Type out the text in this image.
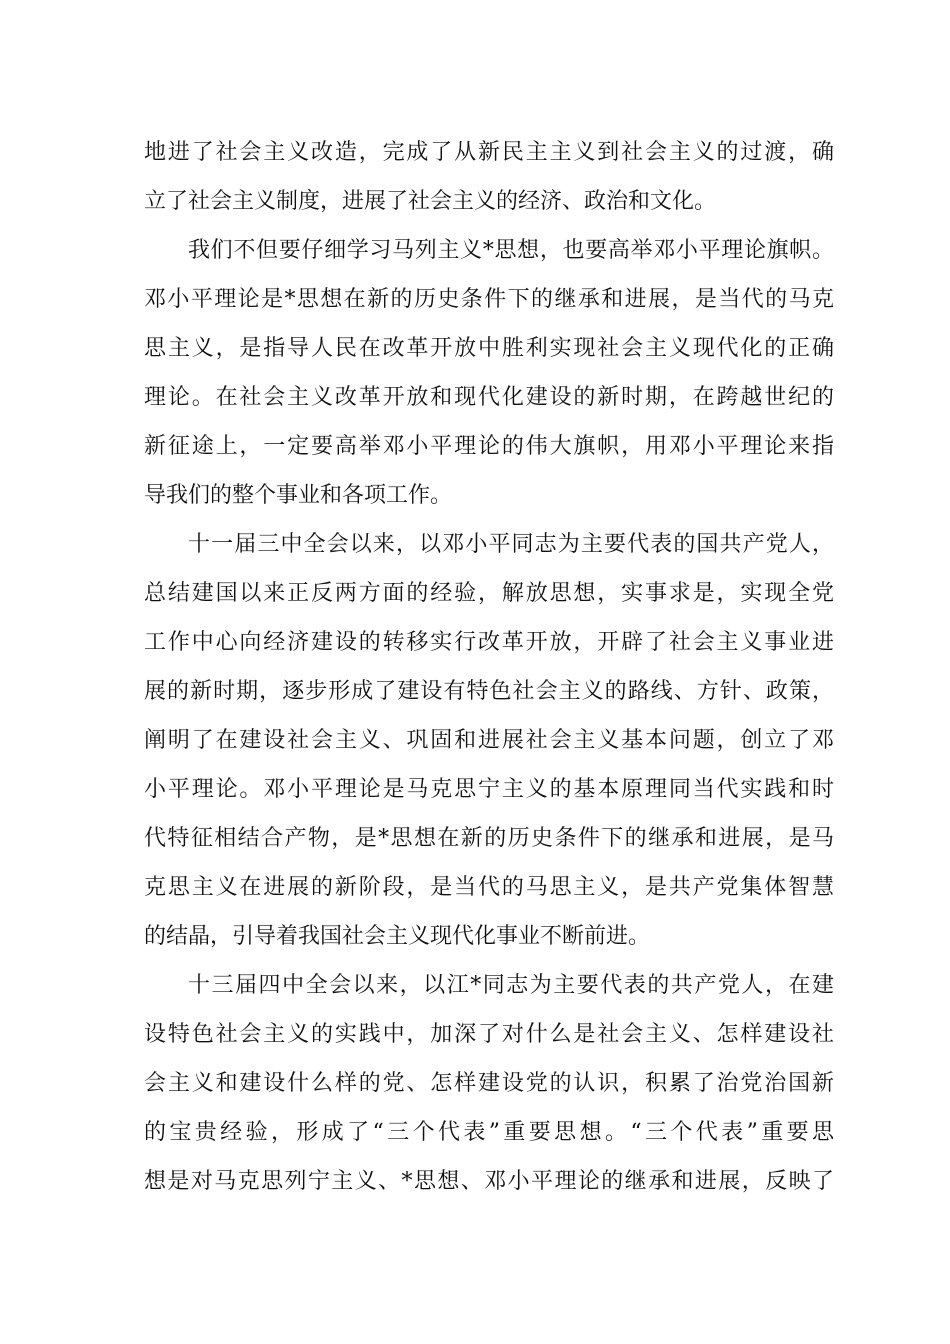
地进了社会主义改造，完成了从新民主主义到社会主义的过渡，确
立了社会主义制度，进展了社会主义的经济、政治和文化。
我们不但要仔细学习马列主义*思想，也要高举邓小平理论旗帜。
邓小平理论是*思想在新的历史条件下的继承和进展，是当代的马克
思主义，是指导人民在改革开放中胜利实现社会主义现代化的正确
理论。在社会主义改革开放和现代化建设的新时期，在跨越世纪的
新征途上，一定要高举邓小平理论的伟大旗帜，用邓小平理论来指
导我们的整个事业和各项工作。
十一届三中全会以来，以邓小平同志为主要代表的国共产党人，
总结建国以来正反两方面的经验，解放思想，实事求是，实现全党
工作中心向经济建设的转移实行改革开放，开辟了社会主义事业进
展的新时期，逐步形成了建设有特色社会主义的路线、方针、政策，
阐明了在建设社会主义、巩固和进展社会主义基本问题，创立了邓
小平理论。邓小平理论是马克思宁主义的基本原理同当代实践和时
代特征相结合产物，是*思想在新的历史条件下的继承和进展，是马
克思主义在进展的新阶段，是当代的马思主义，是共产党集体智慧
的结晶，引导着我国社会主义现代化事业不断前进。
十三届四中全会以来，以江*同志为主要代表的共产党人，在建
设特色社会主义的实践中，加深了对什么是社会主义、怎样建设社
会主义和建设什么样的党、怎样建设党的认识，积累了治党治国新
的宝贵经验，形成了“三个代表”重要思想。“三个代表”重要思
想是对马克思列宁主义、*思想、邓小平理论的继承和进展，反映了
